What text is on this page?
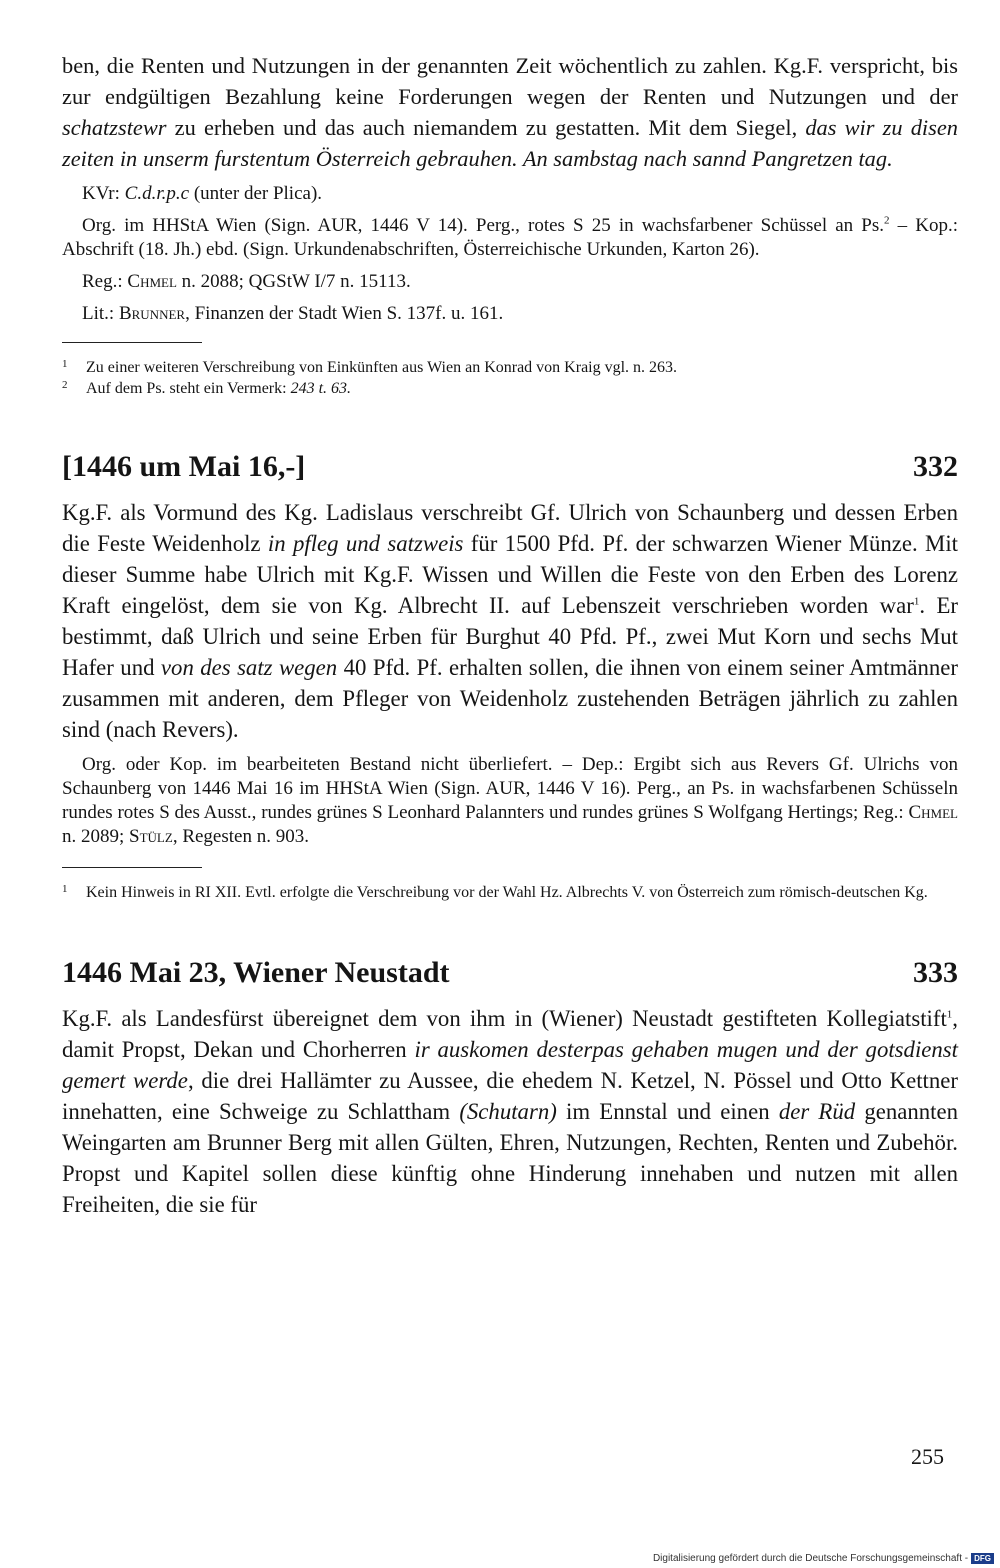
ben, die Renten und Nutzungen in der genannten Zeit wöchentlich zu zahlen. Kg.F. verspricht, bis zur endgültigen Bezahlung keine Forderungen wegen der Renten und Nutzungen und der schatzstewr zu erheben und das auch niemandem zu gestatten. Mit dem Siegel, das wir zu disen zeiten in unserm furstentum Österreich gebrauhen. An sambstag nach sannd Pangretzen tag.

KVr: C.d.r.p.c (unter der Plica).

Org. im HHStA Wien (Sign. AUR, 1446 V 14). Perg., rotes S 25 in wachsfarbener Schüssel an Ps.$^2$ – Kop.: Abschrift (18. Jh.) ebd. (Sign. Urkundenabschriften, Österreichische Urkunden, Karton 26).

Reg.: Chmel n. 2088; QGStW I/7 n. 15113.

Lit.: Brunner, Finanzen der Stadt Wien S. 137f. u. 161.

1 Zu einer weiteren Verschreibung von Einkünften aus Wien an Konrad von Kraig vgl. n. 263.

2 Auf dem Ps. steht ein Vermerk: 243 t. 63.

[1446 um Mai 16,-]	332

Kg.F. als Vormund des Kg. Ladislaus verschreibt Gf. Ulrich von Schaunberg und dessen Erben die Feste Weidenholz in pfleg und satzweis für 1500 Pfd. Pf. der schwarzen Wiener Münze. Mit dieser Summe habe Ulrich mit Kg.F. Wissen und Willen die Feste von den Erben des Lorenz Kraft eingelöst, dem sie von Kg. Albrecht II. auf Lebenszeit verschrieben worden war$^1$. Er bestimmt, daß Ulrich und seine Erben für Burghut 40 Pfd. Pf., zwei Mut Korn und sechs Mut Hafer und von des satz wegen 40 Pfd. Pf. erhalten sollen, die ihnen von einem seiner Amtmänner zusammen mit anderen, dem Pfleger von Weidenholz zustehenden Beträgen jährlich zu zahlen sind (nach Revers).

Org. oder Kop. im bearbeiteten Bestand nicht überliefert. – Dep.: Ergibt sich aus Revers Gf. Ulrichs von Schaunberg von 1446 Mai 16 im HHStA Wien (Sign. AUR, 1446 V 16). Perg., an Ps. in wachsfarbenen Schüsseln rundes rotes S des Ausst., rundes grünes S Leonhard Palannters und rundes grünes S Wolfgang Hertings; Reg.: Chmel n. 2089; Stülz, Regesten n. 903.

1 Kein Hinweis in RI XII. Evtl. erfolgte die Verschreibung vor der Wahl Hz. Albrechts V. von Österreich zum römisch-deutschen Kg.

1446 Mai 23, Wiener Neustadt	333

Kg.F. als Landesfürst übereignet dem von ihm in (Wiener) Neustadt gestifteten Kollegiatstift$^1$, damit Propst, Dekan und Chorherren ir auskomen desterpas gehaben mugen und der gotsdienst gemert werde, die drei Hallämter zu Aussee, die ehedem N. Ketzel, N. Pössel und Otto Kettner innehatten, eine Schweige zu Schlattham (Schutarn) im Ennstal und einen der Rüd genannten Weingarten am Brunner Berg mit allen Gülten, Ehren, Nutzungen, Rechten, Renten und Zubehör. Propst und Kapitel sollen diese künftig ohne Hinderung innehaben und nutzen mit allen Freiheiten, die sie für

255
Digitalisierung gefördert durch die Deutsche Forschungsgemeinschaft - DFG
